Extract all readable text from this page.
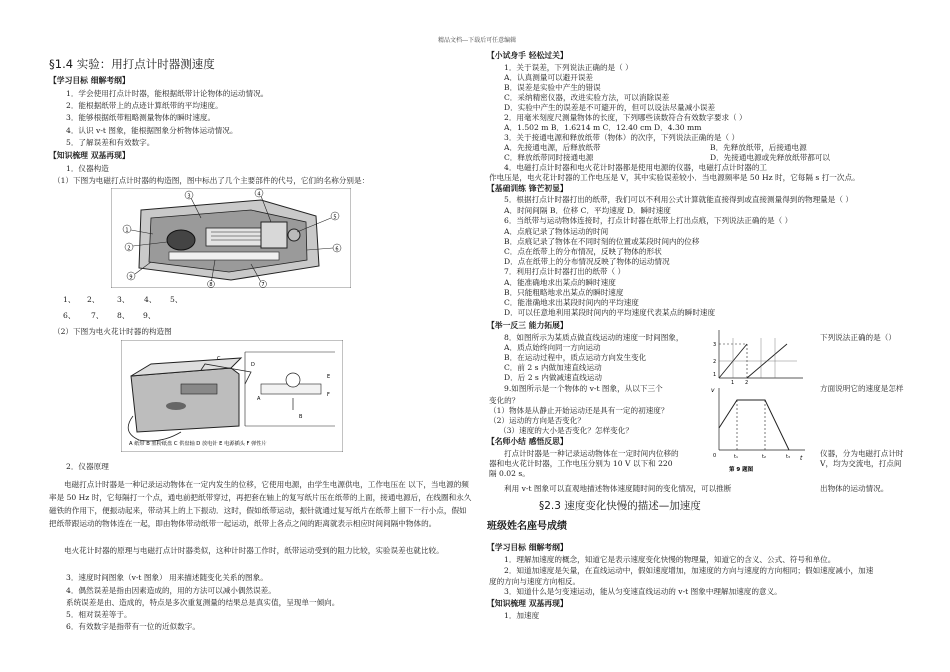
精品文档---下载后可任意编辑
§1.4 实验：用打点计时器测速度
【学习目标 细解考纲】
1．学会使用打点计时器，能根据纸带计论物体的运动情况。
2．能根据纸带上的点迹计算纸带的平均速度。
3．能够根据纸带粗略测量物体的瞬时速度。
4．认识 v-t 图象，能根据图象分析物体运动情况。
5．了解误差和有效数字。
【知识梳理 双基再现】
1．仪器构造
（1）下图为电磁打点计时器的构造图，图中标出了几个主要部件的代号，它们的名称分别是：
1
2
3	4
5
6
7
8
9
1、 2、 3、 4、 5、
6、 7、 8、 9、
（2）下图为电火花计时器的构造图
C
D
E
F
B
A
A 纸带 B 墨粉纸盘 C 供盘轴 D 放电针 E 电源插头 F 弹性片
2．仪器原理
电磁打点计时器是一种记录运动物体在一定内发生的位移，它使用电源，由学生电源供电，工作电压在 以下，当电源的频率是 50 Hz 时，它每隔打一个点，通电前把纸带穿过，再把套在轴上的复写纸片压在纸带的上面，接通电源后，在线圈和永久磁铁的作用下，便振动起来，带动其上的上下振动．这时，假如纸带运动，振针就通过复写纸片在纸带上留下一行小点，假如把纸带跟运动的物体连在一起，即由物体带动纸带一起运动，纸带上各点之间的距离就表示相应时间间隔中物体的。
电火花计时器的原理与电磁打点计时器类似，这种计时器工作时，纸带运动受到的阻力比较，实验误差也就比较。
3．速度时间图象（v-t 图象） 用来描述随变化关系的图象。
4．偶然误差是指由因素造成的，用的方法可以减小偶然误差。
系统误差是由、造成的，特点是多次重复测量的结果总是真实值，呈现单一倾向。
5．相对误差等于。
6．有效数字是指带有一位的近似数字。
【小试身手 轻松过关】
1．关于误差，下列说法正确的是（ ）
A．认真测量可以避开误差
B．误差是实验中产生的错误
C．采纳精密仪器，改进实验方法，可以消除误差
D．实验中产生的误差是不可避开的，但可以设法尽量减小误差
2．用毫米刻度尺测量物体的长度，下列哪些读数符合有效数字要求（ ）
A．1.502 m B．1.6214 m C．12.40 cm D．4.30 mm
3．关于接通电源和释放纸带（物体）的次序，下列说法正确的是（ ）
A．先接通电源，后释放纸带	B．先释放纸带，后接通电源
C．释放纸带同时接通电源	D．先接通电源或先释放纸带都可以
4．电磁打点计时器和电火花计时器都是使用电源的仪器，电磁打点计时器的工
作电压是，电火花计时器的工作电压是 V，其中实验误差较小．当电源频率是 50 Hz 时，它每隔 s 打一次点。
【基础训练 锋芒初显】
5．根据打点计时器打出的纸带，我们可以不利用公式计算就能直接得到或直接测量得到的物理量是（ ）
A．时间间隔 B．位移 C．平均速度 D．瞬时速度
6．当纸带与运动物体连接时，打点计时器在纸带上打出点痕，下列说法正确的是（ ）
A．点痕记录了物体运动的时间
B．点痕记录了物体在不同时刻的位置或某段时间内的位移
C．点在纸带上的分布情况，反映了物体的形状
D．点在纸带上的分布情况反映了物体的运动情况
7．利用打点计时器打出的纸带（ ）
A．能准确地求出某点的瞬时速度
B．只能粗略地求出某点的瞬时速度
C．能准确地求出某段时间内的平均速度
D．可以任意地利用某段时间内的平均速度代表某点的瞬时速度
【举一反三 能力拓展】
8．如图所示为某质点做直线运动的速度一时间图象，	下列说法正确的是（）
A．质点始终向同一方向运动
B．在运动过程中，质点运动方向发生变化
C．前 2 s 内做加速直线运动
D．后 2 s 内做减速直线运动
3
2
1
1 2
9.如图所示是一个物体的 v-t 图象，从以下三个	方面说明它的速度是怎样
变化的？
（1）物体是从静止开始运动还是具有一定的初速度？
（2）运动的方向是否变化？
（3）速度的大小是否变化？怎样变化？
v
t
0	t₁	t₂	t₃
第 9 题图
【名师小结 感悟反思】
打点计时器是一种记录运动物体在一定时间内位移的	仪器，分为电磁打点计时
器和电火花计时器，工作电压分别为 10 V 以下和 220	V，均为交流电，打点间
隔 0.02 s。
利用 v-t 图象可以直观地描述物体速度随时间的变化情况，可以推断	出物体的运动情况。
§2.3 速度变化快慢的描述—加速度
班级姓名座号成绩
【学习目标 细解考纲】
1．理解加速度的概念，知道它是表示速度变化快慢的物理量，知道它的含义、公式、符号和单位。
2．知道加速度是矢量，在直线运动中，假如速度增加，加速度的方向与速度的方向相同；假如速度减小，加速
度的方向与速度方向相反。
3．知道什么是匀变速运动，能从匀变速直线运动的 v-t 图象中理解加速度的意义。
【知识梳理 双基再现】
1．加速度
